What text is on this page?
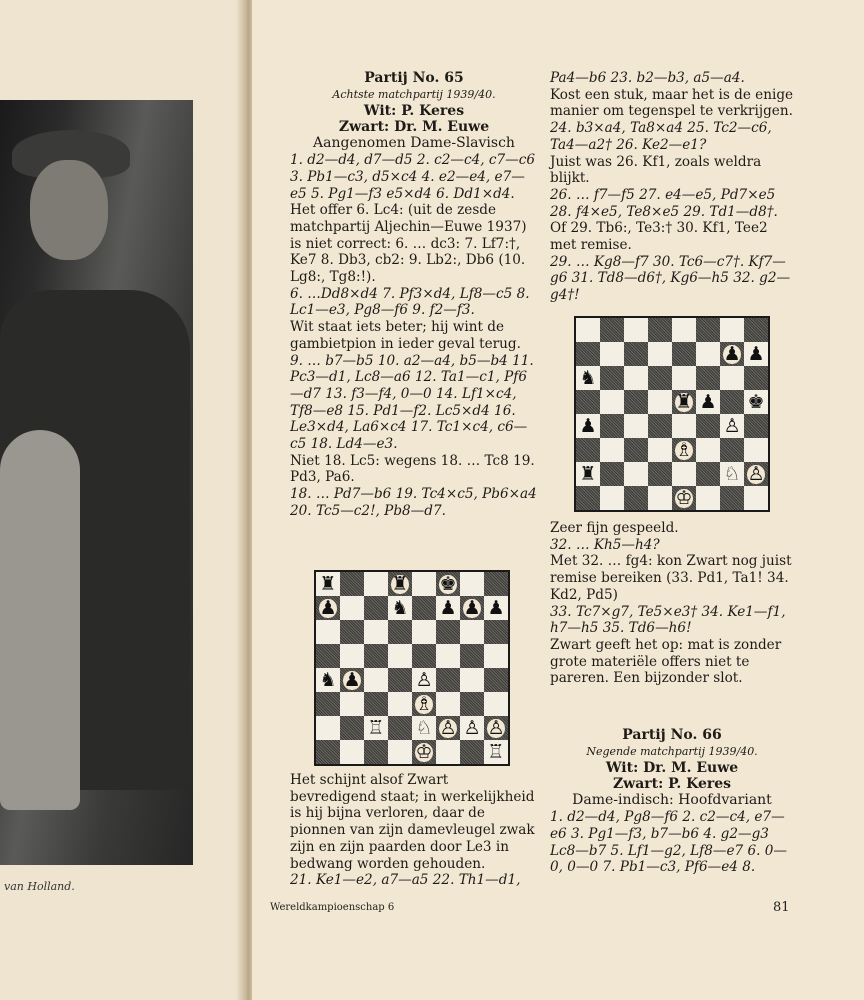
van Holland.

Partij No. 65

Achtste matchpartij 1939/40.

Wit: P. Keres

Zwart: Dr. M. Euwe

Aangenomen Dame-Slavisch

1. d2—d4, d7—d5 2. c2—c4, c7—c6 3. Pb1—c3, d5×c4 4. e2—e4, e7—e5 5. Pg1—f3 e5×d4 6. Dd1×d4.

Het offer 6. Lc4: (uit de zesde matchpartij Aljechin—Euwe 1937) is niet correct: 6. … dc3: 7. Lf7:†, Ke7 8. Db3, cb2: 9. Lb2:, Db6 (10. Lg8:, Tg8:!).

6. …Dd8×d4 7. Pf3×d4, Lf8—c5 8. Lc1—e3, Pg8—f6 9. f2—f3.

Wit staat iets beter; hij wint de gambietpion in ieder geval terug.

9. … b7—b5 10. a2—a4, b5—b4 11. Pc3—d1, Lc8—a6 12. Ta1—c1, Pf6—d7 13. f3—f4, 0—0 14. Lf1×c4, Tf8—e8 15. Pd1—f2. Lc5×d4 16. Le3×d4, La6×c4 17. Tc1×c4, c6—c5 18. Ld4—e3.

Niet 18. Lc5: wegens 18. … Tc8 19. Pd3, Pa6.

18. … Pd7—b6 19. Tc4×c5, Pb6×a4 20. Tc5—c2!, Pb8—d7.

Het schijnt alsof Zwart bevredigend staat; in werkelijkheid is hij bijna verloren, daar de pionnen van zijn damevleugel zwak zijn en zijn paarden door Le3 in bedwang worden gehouden.

21. Ke1—e2, a7—a5 22. Th1—d1,

Pa4—b6 23. b2—b3, a5—a4.

Kost een stuk, maar het is de enige manier om tegenspel te verkrijgen.

24. b3×a4, Ta8×a4 25. Tc2—c6, Ta4—a2† 26. Ke2—e1?

Juist was 26. Kf1, zoals weldra blijkt.

26. … f7—f5 27. e4—e5, Pd7×e5 28. f4×e5, Te8×e5 29. Td1—d8†.

Of 29. Tb6:, Te3:† 30. Kf1, Tee2 met remise.

29. … Kg8—f7 30. Tc6—c7†. Kf7—g6 31. Td8—d6†, Kg6—h5 32. g2—g4†!

Zeer fijn gespeeld.

32. … Kh5—h4?

Met 32. … fg4: kon Zwart nog juist remise bereiken (33. Pd1, Ta1! 34. Kd2, Pd5)

33. Tc7×g7, Te5×e3† 34. Ke1—f1, h7—h5 35. Td6—h6!

Zwart geeft het op: mat is zonder grote materiële offers niet te pareren. Een bijzonder slot.

Partij No. 66

Negende matchpartij 1939/40.

Wit: Dr. M. Euwe

Zwart: P. Keres

Dame-indisch: Hoofdvariant

1. d2—d4, Pg8—f6 2. c2—c4, e7—e6 3. Pg1—f3, b7—b6 4. g2—g3 Lc8—b7 5. Lf1—g2, Lf8—e7 6. 0—0, 0—0 7. Pb1—c3, Pf6—e4 8.

♜	♜ ♚
♟	♞ ♟ ♟ ♟
♞ ♟	♙
♗
♖ ♘ ♙ ♙ ♙
♔	♖
♟ ♟
♞
♜ ♟ ♚
♟	♙
♗
♜	♘ ♙
♔
Wereldkampioenschap 6	81
